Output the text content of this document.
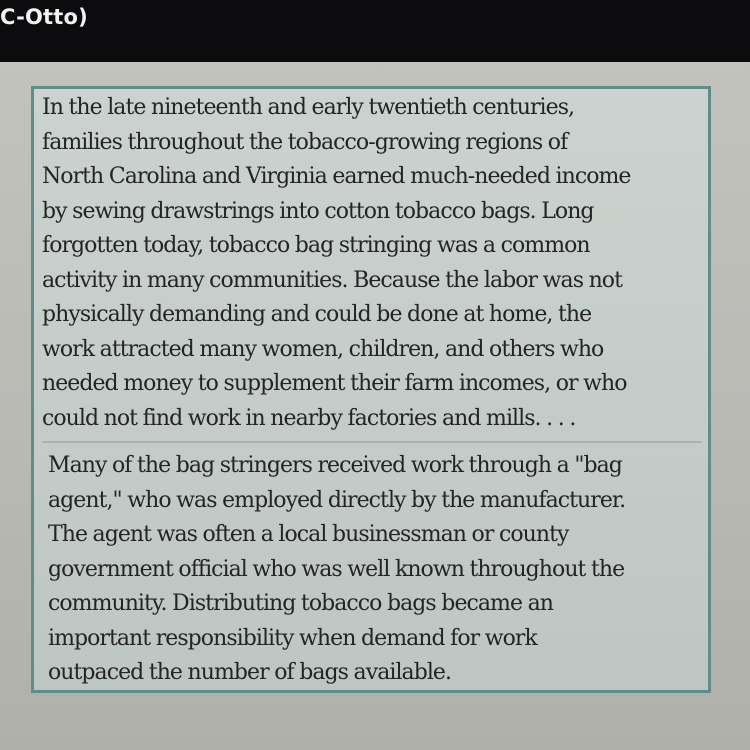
C-Otto)
In the late nineteenth and early twentieth centuries,
families throughout the tobacco-growing regions of
North Carolina and Virginia earned much-needed income
by sewing drawstrings into cotton tobacco bags. Long
forgotten today, tobacco bag stringing was a common
activity in many communities. Because the labor was not
physically demanding and could be done at home, the
work attracted many women, children, and others who
needed money to supplement their farm incomes, or who
could not find work in nearby factories and mills. . . .
Many of the bag stringers received work through a "bag
agent," who was employed directly by the manufacturer.
The agent was often a local businessman or county
government official who was well known throughout the
community. Distributing tobacco bags became an
important responsibility when demand for work
outpaced the number of bags available.
